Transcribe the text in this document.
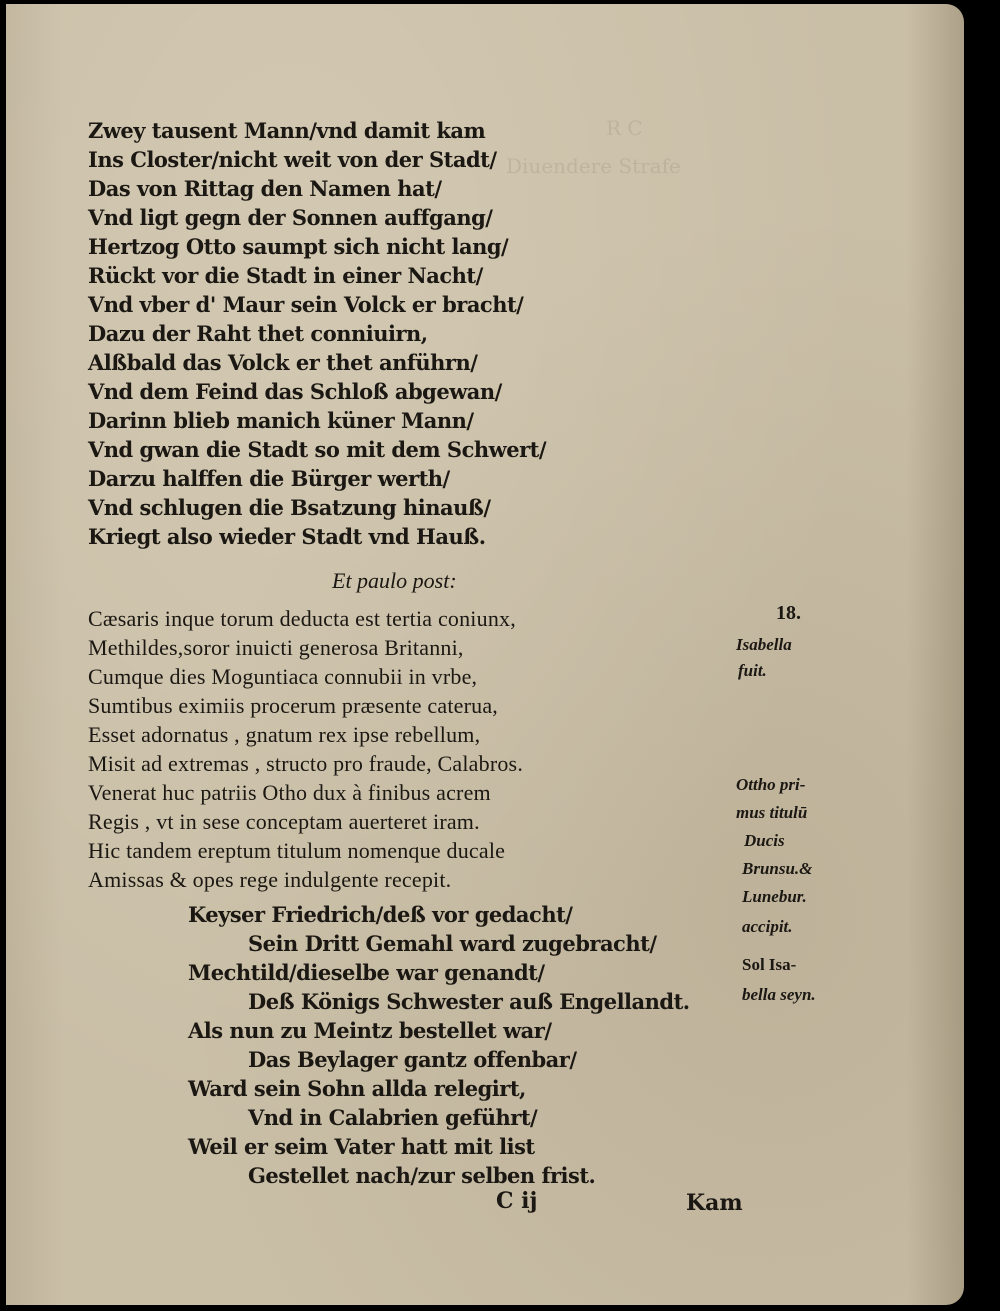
R C
Diuendere Strafe
Zwey tausent Mann/vnd damit kam
Ins Closter/nicht weit von der Stadt/
Das von Rittag den Namen hat/
Vnd ligt gegn der Sonnen auffgang/
Hertzog Otto saumpt sich nicht lang/
Rückt vor die Stadt in einer Nacht/
Vnd vber d' Maur sein Volck er bracht/
Dazu der Raht thet conniuirn,
Alßbald das Volck er thet anführn/
Vnd dem Feind das Schloß abgewan/
Darinn blieb manich küner Mann/
Vnd gwan die Stadt so mit dem Schwert/
Darzu halffen die Bürger werth/
Vnd schlugen die Bsatzung hinauß/
Kriegt also wieder Stadt vnd Hauß.
Et paulo post:
Cæsaris inque torum deducta est tertia coniunx,
Methildes,soror inuicti generosa Britanni,
Cumque dies Moguntiaca connubii in vrbe,
Sumtibus eximiis procerum præsente caterua,
Esset adornatus , gnatum rex ipse rebellum,
Misit ad extremas , structo pro fraude, Calabros.
Venerat huc patriis Otho dux à finibus acrem
Regis , vt in sese conceptam auerteret iram.
Hic tandem ereptum titulum nomenque ducale
Amissas & opes rege indulgente recepit.
Keyser Friedrich/deß vor gedacht/
Sein Dritt Gemahl ward zugebracht/
Mechtild/dieselbe war genandt/
Deß Königs Schwester auß Engellandt.
Als nun zu Meintz bestellet war/
Das Beylager gantz offenbar/
Ward sein Sohn allda relegirt,
Vnd in Calabrien geführt/
Weil er seim Vater hatt mit list
Gestellet nach/zur selben frist.
18.
Isabella
fuit.
Ottho pri-
mus titulū
Ducis
Brunsu.&
Lunebur.
accipit.
Sol Isa-
bella seyn.
C ij	Kam
